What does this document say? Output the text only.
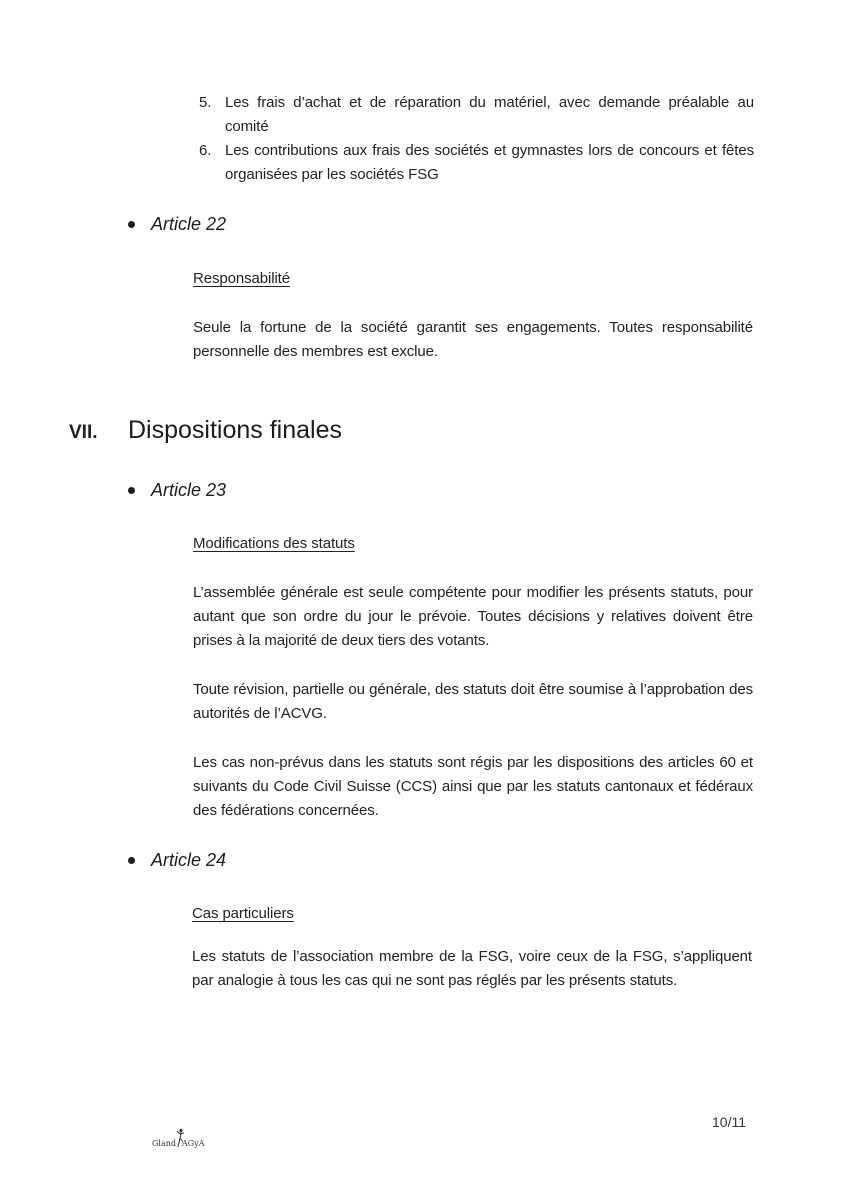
5. Les frais d’achat et de réparation du matériel, avec demande préalable au comité
6. Les contributions aux frais des sociétés et gymnastes lors de concours et fêtes organisées par les sociétés FSG
Article 22
Responsabilité
Seule la fortune de la société garantit ses engagements. Toutes responsabilité personnelle des membres est exclue.
VII.	Dispositions finales
Article 23
Modifications des statuts
L’assemblée générale est seule compétente pour modifier les présents statuts, pour autant que son ordre du jour le prévoie. Toutes décisions y relatives doivent être prises à la majorité de deux tiers des votants.
Toute révision, partielle ou générale, des statuts doit être soumise à l’approbation des autorités de l’ACVG.
Les cas non-prévus dans les statuts sont régis par les dispositions des articles 60 et suivants du Code Civil Suisse (CCS) ainsi que par les statuts cantonaux et fédéraux des fédérations concernées.
Article 24
Cas particuliers
Les statuts de l’association membre de la FSG, voire ceux de la FSG, s’appliquent par analogie à tous les cas qui ne sont pas réglés par les présents statuts.
10/11
Gland AGyA
